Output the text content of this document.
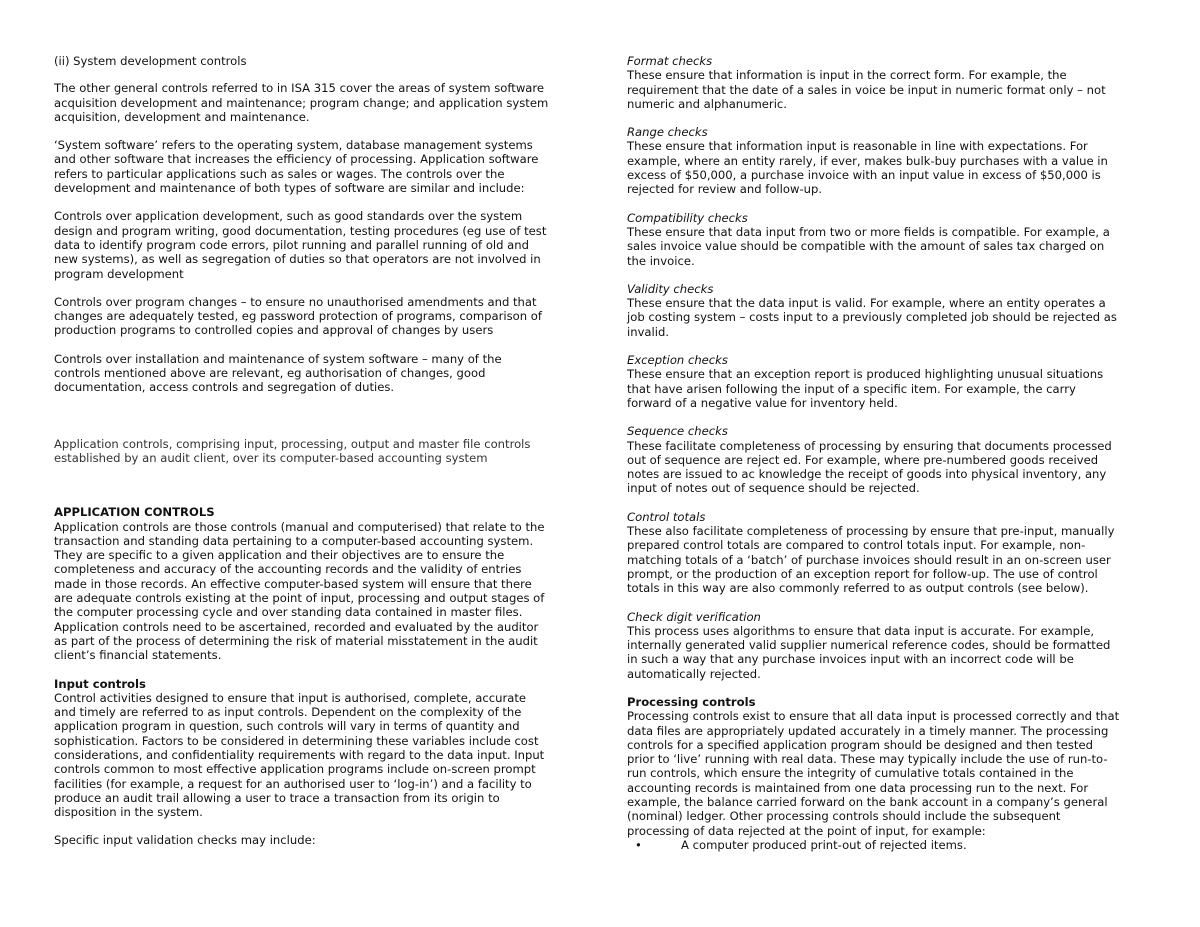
(ii) System development controls

The other general controls referred to in ISA 315 cover the areas of system software
acquisition development and maintenance; program change; and application system
acquisition, development and maintenance.

‘System software’ refers to the operating system, database management systems
and other software that increases the efficiency of processing. Application software
refers to particular applications such as sales or wages. The controls over the
development and maintenance of both types of software are similar and include:

Controls over application development, such as good standards over the system
design and program writing, good documentation, testing procedures (eg use of test
data to identify program code errors, pilot running and parallel running of old and
new systems), as well as segregation of duties so that operators are not involved in
program development

Controls over program changes – to ensure no unauthorised amendments and that
changes are adequately tested, eg password protection of programs, comparison of
production programs to controlled copies and approval of changes by users

Controls over installation and maintenance of system software – many of the
controls mentioned above are relevant, eg authorisation of changes, good
documentation, access controls and segregation of duties.

Application controls, comprising input, processing, output and master file controls
established by an audit client, over its computer-based accounting system

APPLICATION CONTROLS

Application controls are those controls (manual and computerised) that relate to the
transaction and standing data pertaining to a computer-based accounting system.
They are specific to a given application and their objectives are to ensure the
completeness and accuracy of the accounting records and the validity of entries
made in those records. An effective computer-based system will ensure that there
are adequate controls existing at the point of input, processing and output stages of
the computer processing cycle and over standing data contained in master files.
Application controls need to be ascertained, recorded and evaluated by the auditor
as part of the process of determining the risk of material misstatement in the audit
client’s financial statements.

Input controls

Control activities designed to ensure that input is authorised, complete, accurate
and timely are referred to as input controls. Dependent on the complexity of the
application program in question, such controls will vary in terms of quantity and
sophistication. Factors to be considered in determining these variables include cost
considerations, and confidentiality requirements with regard to the data input. Input
controls common to most effective application programs include on-screen prompt
facilities (for example, a request for an authorised user to ‘log-in’) and a facility to
produce an audit trail allowing a user to trace a transaction from its origin to
disposition in the system.

Specific input validation checks may include:

Format checks

These ensure that information is input in the correct form. For example, the
requirement that the date of a sales in voice be input in numeric format only – not
numeric and alphanumeric.

Range checks

These ensure that information input is reasonable in line with expectations. For
example, where an entity rarely, if ever, makes bulk-buy purchases with a value in
excess of $50,000, a purchase invoice with an input value in excess of $50,000 is
rejected for review and follow-up.

Compatibility checks

These ensure that data input from two or more fields is compatible. For example, a
sales invoice value should be compatible with the amount of sales tax charged on
the invoice.

Validity checks

These ensure that the data input is valid. For example, where an entity operates a
job costing system – costs input to a previously completed job should be rejected as
invalid.

Exception checks

These ensure that an exception report is produced highlighting unusual situations
that have arisen following the input of a specific item. For example, the carry
forward of a negative value for inventory held.

Sequence checks

These facilitate completeness of processing by ensuring that documents processed
out of sequence are reject ed. For example, where pre-numbered goods received
notes are issued to ac knowledge the receipt of goods into physical inventory, any
input of notes out of sequence should be rejected.

Control totals

These also facilitate completeness of processing by ensure that pre-input, manually
prepared control totals are compared to control totals input. For example, non-
matching totals of a ‘batch’ of purchase invoices should result in an on-screen user
prompt, or the production of an exception report for follow-up. The use of control
totals in this way are also commonly referred to as output controls (see below).

Check digit verification

This process uses algorithms to ensure that data input is accurate. For example,
internally generated valid supplier numerical reference codes, should be formatted
in such a way that any purchase invoices input with an incorrect code will be
automatically rejected.

Processing controls

Processing controls exist to ensure that all data input is processed correctly and that
data files are appropriately updated accurately in a timely manner. The processing
controls for a specified application program should be designed and then tested
prior to ‘live’ running with real data. These may typically include the use of run-to-
run controls, which ensure the integrity of cumulative totals contained in the
accounting records is maintained from one data processing run to the next. For
example, the balance carried forward on the bank account in a company’s general
(nominal) ledger. Other processing controls should include the subsequent
processing of data rejected at the point of input, for example:

•	A computer produced print-out of rejected items.
